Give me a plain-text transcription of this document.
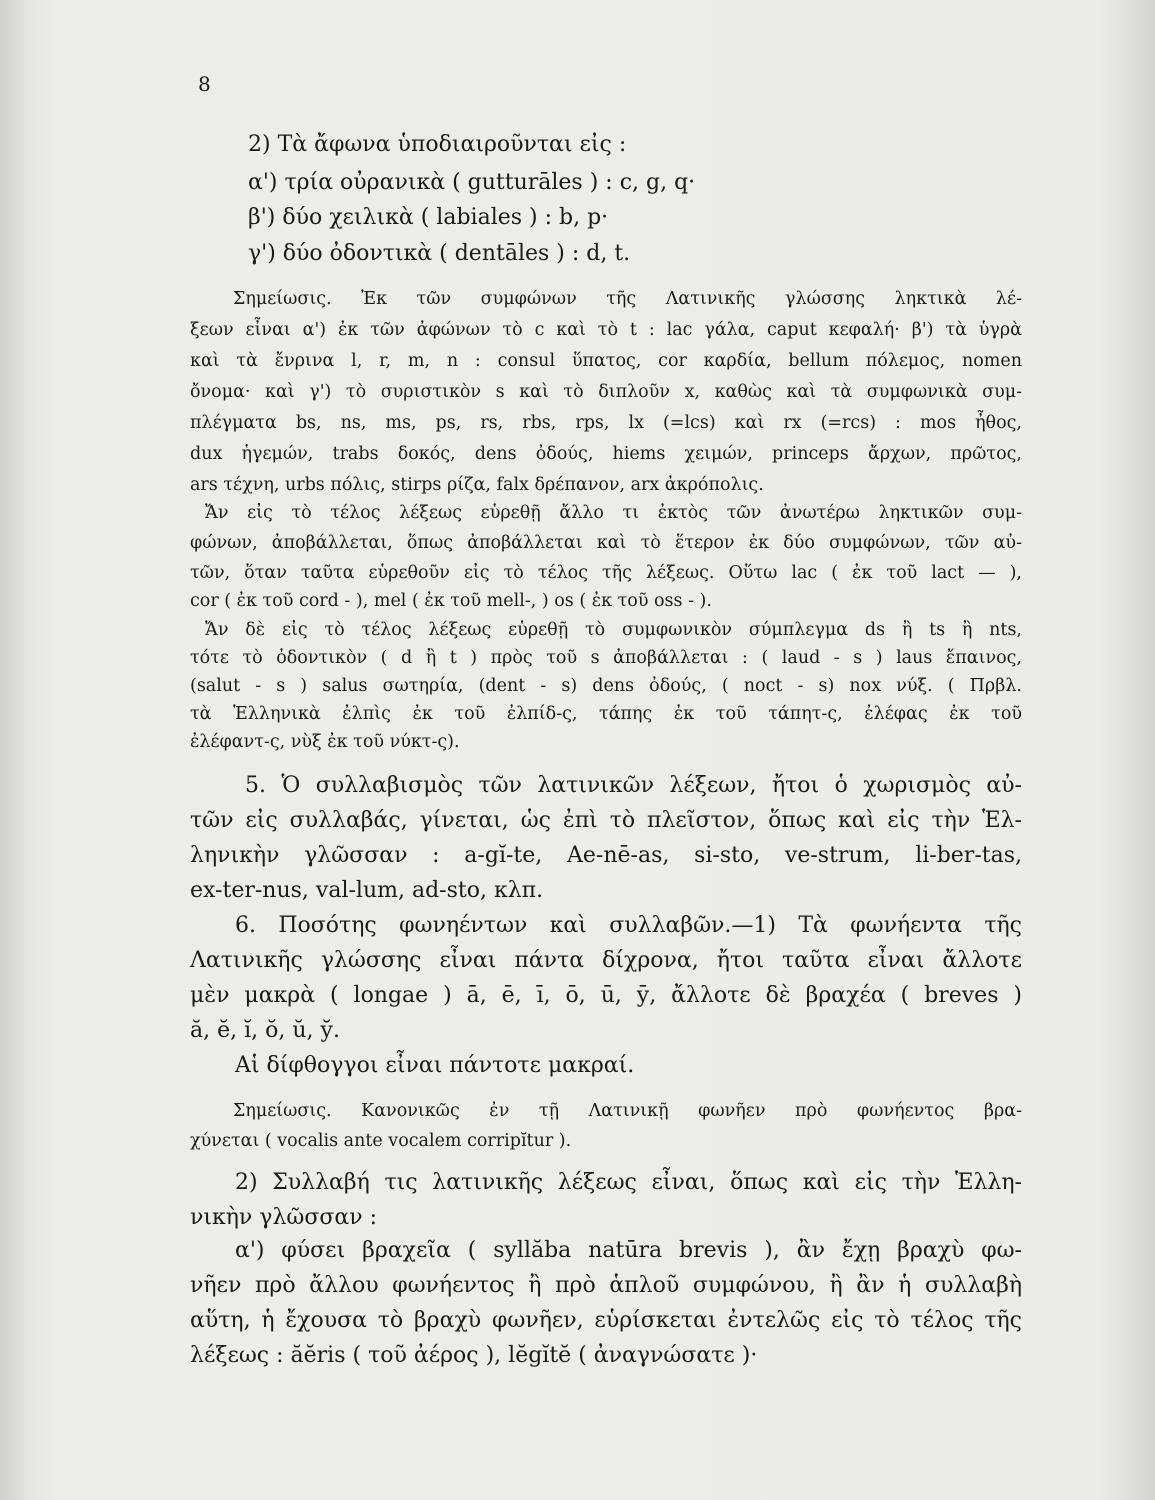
8
2) Τὰ ἄφωνα ὑποδιαιροῦνται εἰς :
α') τρία οὐρανικὰ ( gutturāles ) : c, g, q·
β') δύο χειλικὰ ( labiales ) : b, p·
γ') δύο ὀδοντικὰ ( dentāles ) : d, t.
Σημείωσις. Ἐκ τῶν συμφώνων τῆς Λατινικῆς γλώσσης ληκτικὰ λέ-
ξεων εἶναι α') ἐκ τῶν ἀφώνων τὸ c καὶ τὸ t : lac γάλα, caput κεφαλή· β') τὰ ὑγρὰ
καὶ τὰ ἔνρινα l, r, m, n : consul ὕπατος, cor καρδία, bellum πόλεμος, nomen
ὄνομα· καὶ γ') τὸ συριστικὸν s καὶ τὸ διπλοῦν x, καθὼς καὶ τὰ συμφωνικὰ συμ-
πλέγματα bs, ns, ms, ps, rs, rbs, rps, lx (=lcs) καὶ rx (=rcs) : mos ἦθος,
dux ἡγεμών, trabs δοκός, dens ὀδούς, hiems χειμών, princeps ἄρχων, πρῶτος,
ars τέχνη, urbs πόλις, stirps ρίζα, falx δρέπανον, arx ἀκρόπολις.
Ἄν εἰς τὸ τέλος λέξεως εὑρεθῇ ἄλλο τι ἐκτὸς τῶν ἀνωτέρω ληκτικῶν συμ-
φώνων, ἀποβάλλεται, ὅπως ἀποβάλλεται καὶ τὸ ἕτερον ἐκ δύο συμφώνων, τῶν αὐ-
τῶν, ὅταν ταῦτα εὑρεθοῦν εἰς τὸ τέλος τῆς λέξεως. Οὕτω lac ( ἐκ τοῦ lact — ),
cor ( ἐκ τοῦ cord - ), mel ( ἐκ τοῦ mell-, ) os ( ἐκ τοῦ oss - ).
Ἄν δὲ εἰς τὸ τέλος λέξεως εὑρεθῇ τὸ συμφωνικὸν σύμπλεγμα ds ἢ ts ἢ nts,
τότε τὸ ὀδοντικὸν ( d ἢ t ) πρὸς τοῦ s ἀποβάλλεται : ( laud - s ) laus ἔπαινος,
(salut - s ) salus σωτηρία, (dent - s) dens ὀδούς, ( noct - s) nox νύξ. ( Πρβλ.
τὰ Ἑλληνικὰ ἐλπὶς ἐκ τοῦ ἐλπίδ-ς, τάπης ἐκ τοῦ τάπητ-ς, ἐλέφας ἐκ τοῦ
ἐλέφαντ-ς, νὺξ ἐκ τοῦ νύκτ-ς).
5. Ὁ συλλαβισμὸς τῶν λατινικῶν λέξεων, ἤτοι ὁ χωρισμὸς αὐ-
τῶν εἰς συλλαβάς, γίνεται, ὡς ἐπὶ τὸ πλεῖστον, ὅπως καὶ εἰς τὴν Ἑλ-
ληνικὴν γλῶσσαν : a-gĭ-te, Ae-nē-as, si-sto, ve-strum, li-ber-tas,
ex-ter-nus, val-lum, ad-sto, κλπ.
6. Ποσότης φωνηέντων καὶ συλλαβῶν.—1) Τὰ φωνήεντα τῆς
Λατινικῆς γλώσσης εἶναι πάντα δίχρονα, ἤτοι ταῦτα εἶναι ἄλλοτε
μὲν μακρὰ ( longae ) ā, ē, ī, ō, ū, ȳ, ἄλλοτε δὲ βραχέα ( breves )
ă, ĕ, ĭ, ŏ, ŭ, y̆.
Αἱ δίφθογγοι εἶναι πάντοτε μακραί.
Σημείωσις. Κανονικῶς ἐν τῇ Λατινικῇ φωνῆεν πρὸ φωνήεντος βρα-
χύνεται ( vocalis ante vocalem corripĭtur ).
2) Συλλαβή τις λατινικῆς λέξεως εἶναι, ὅπως καὶ εἰς τὴν Ἑλλη-
νικὴν γλῶσσαν :
α') φύσει βραχεῖα ( syllăba natūra brevis ), ἂν ἔχῃ βραχὺ φω-
νῆεν πρὸ ἄλλου φωνήεντος ἢ πρὸ ἁπλοῦ συμφώνου, ἢ ἂν ἡ συλλαβὴ
αὕτη, ἡ ἔχουσα τὸ βραχὺ φωνῆεν, εὑρίσκεται ἐντελῶς εἰς τὸ τέλος τῆς
λέξεως : ăĕris ( τοῦ ἀέρος ), lĕgĭtĕ ( ἀναγνώσατε )·
